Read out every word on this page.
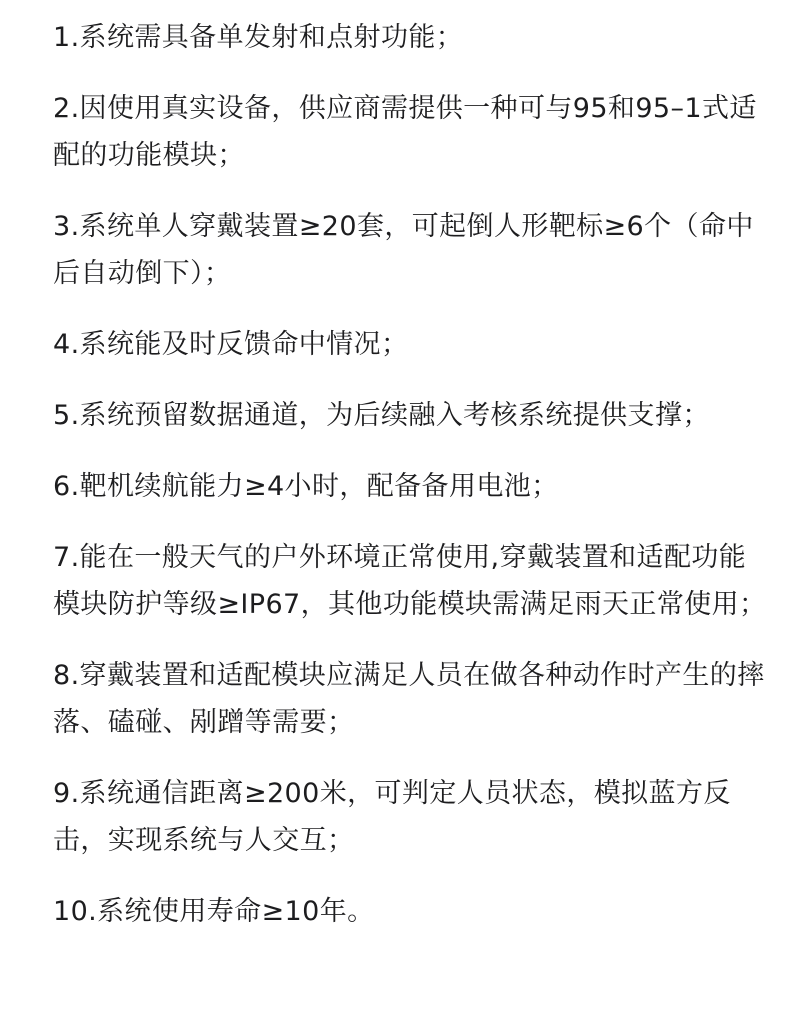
1.系统需具备单发射和点射功能；

2.因使用真实设备，供应商需提供一种可与95和95–1式适配的功能模块；

3.系统单人穿戴装置≥20套，可起倒人形靶标≥6个（命中后自动倒下）；

4.系统能及时反馈命中情况；

5.系统预留数据通道，为后续融入考核系统提供支撑；

6.靶机续航能力≥4小时，配备备用电池；

7.能在一般天气的户外环境正常使用,穿戴装置和适配功能模块防护等级≥IP67，其他功能模块需满足雨天正常使用；

8.穿戴装置和适配模块应满足人员在做各种动作时产生的摔落、磕碰、剐蹭等需要；

9.系统通信距离≥200米，可判定人员状态，模拟蓝方反击，实现系统与人交互；

10.系统使用寿命≥10年。
